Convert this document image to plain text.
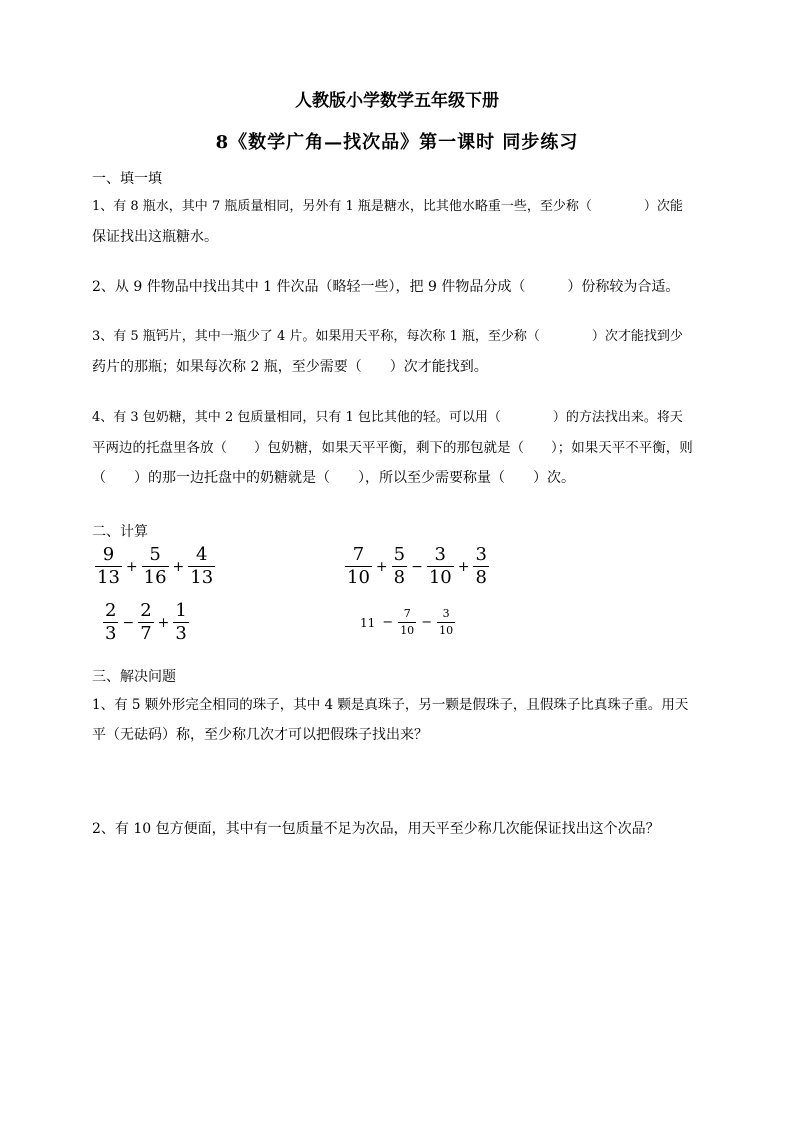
人教版小学数学五年级下册
8《数学广角—找次品》第一课时 同步练习
一、填一填
1、有 8 瓶水，其中 7 瓶质量相同，另外有 1 瓶是糖水，比其他水略重一些，至少称（　　　　）次能
保证找出这瓶糖水。
2、从 9 件物品中找出其中 1 件次品（略轻一些），把 9 件物品分成（　　　）份称较为合适。
3、有 5 瓶钙片，其中一瓶少了 4 片。如果用天平称，每次称 1 瓶，至少称（　　　　）次才能找到少
药片的那瓶；如果每次称 2 瓶，至少需要（　　）次才能找到。
4、有 3 包奶糖，其中 2 包质量相同，只有 1 包比其他的轻。可以用（　　　　）的方法找出来。将天
平两边的托盘里各放（　　）包奶糖，如果天平平衡，剩下的那包就是（　　）；如果天平不平衡，则
（　　）的那一边托盘中的奶糖就是（　　），所以至少需要称量（　　）次。
二、计算
$\frac{9}{13} + \frac{5}{16} + \frac{4}{13}$	$\frac{7}{10} + \frac{5}{8} - \frac{3}{10} + \frac{3}{8}$
$\frac{2}{3} - \frac{2}{7} + \frac{1}{3}$	$11 - \frac{7}{10} - \frac{3}{10}$
三、解决问题
1、有 5 颗外形完全相同的珠子，其中 4 颗是真珠子，另一颗是假珠子，且假珠子比真珠子重。用天
平（无砝码）称，至少称几次才可以把假珠子找出来？
2、有 10 包方便面，其中有一包质量不足为次品，用天平至少称几次能保证找出这个次品？
